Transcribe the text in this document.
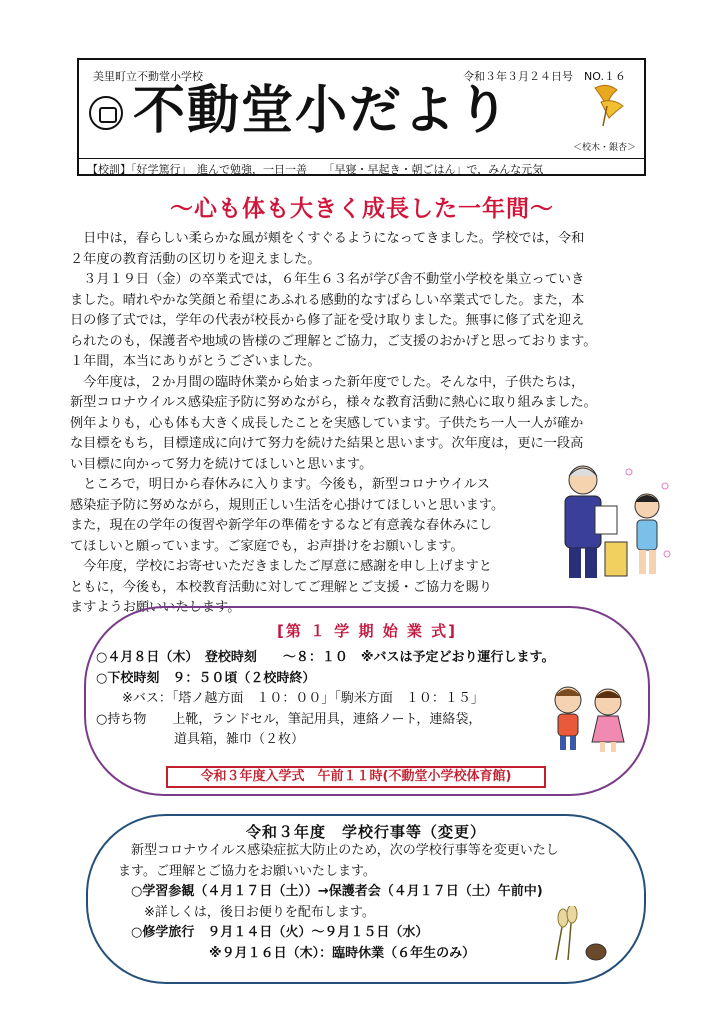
美里町立不動堂小学校	令和３年３月２４日号　NO.１６
不動堂小だより
＜校木・銀杏＞
【校訓】「好学篤行」　進んで勉強，一日一善　　「早寝・早起き・朝ごはん」で，みんな元気
～心も体も大きく成長した一年間～

　日中は，春らしい柔らかな風が頬をくすぐるようになってきました。学校では，令和

２年度の教育活動の区切りを迎えました。

　３月１９日（金）の卒業式では，６年生６３名が学び舎不動堂小学校を巣立っていき

ました。晴れやかな笑顔と希望にあふれる感動的なすばらしい卒業式でした。また，本

日の修了式では，学年の代表が校長から修了証を受け取りました。無事に修了式を迎え

られたのも，保護者や地域の皆様のご理解とご協力，ご支援のおかげと思っております。

１年間，本当にありがとうございました。

　今年度は，２か月間の臨時休業から始まった新年度でした。そんな中，子供たちは，

新型コロナウイルス感染症予防に努めながら，様々な教育活動に熱心に取り組みました。

例年よりも，心も体も大きく成長したことを実感しています。子供たち一人一人が確か

な目標をもち，目標達成に向けて努力を続けた結果と思います。次年度は，更に一段高

い目標に向かって努力を続けてほしいと思います。

　ところで，明日から春休みに入ります。今後も，新型コロナウイルス

感染症予防に努めながら，規則正しい生活を心掛けてほしいと思います。

また，現在の学年の復習や新学年の準備をするなど有意義な春休みにし

てほしいと願っています。ご家庭でも，お声掛けをお願いします。

　今年度，学校にお寄せいただきましたご厚意に感謝を申し上げますと

ともに，今後も，本校教育活動に対してご理解とご支援・ご協力を賜り

ますようお願いいたします。

[第 １ 学 期 始 業 式]
○４月８日（木）　登校時刻　　～８：１０　※バスは予定どおり運行します。
○下校時刻　９：５０頃（２校時終）
　　※バス：「塔ノ越方面　１０：００」「駒米方面　１０：１５」
○持ち物　　上靴，ランドセル，筆記用具，連絡ノート，連絡袋，
　　　　　　道具箱，雑巾（２枚）
令和３年度入学式　午前１１時(不動堂小学校体育館)
令和３年度　学校行事等（変更）
　新型コロナウイルス感染症拡大防止のため，次の学校行事等を変更いたし
ます。ご理解とご協力をお願いいたします。
　○学習参観（４月１７日（土））→保護者会（４月１７日（土）午前中)
　　※詳しくは，後日お便りを配布します。
　○修学旅行　９月１４日（火）～９月１５日（水）
　　　　　　　※９月１６日（木）：臨時休業（６年生のみ）
